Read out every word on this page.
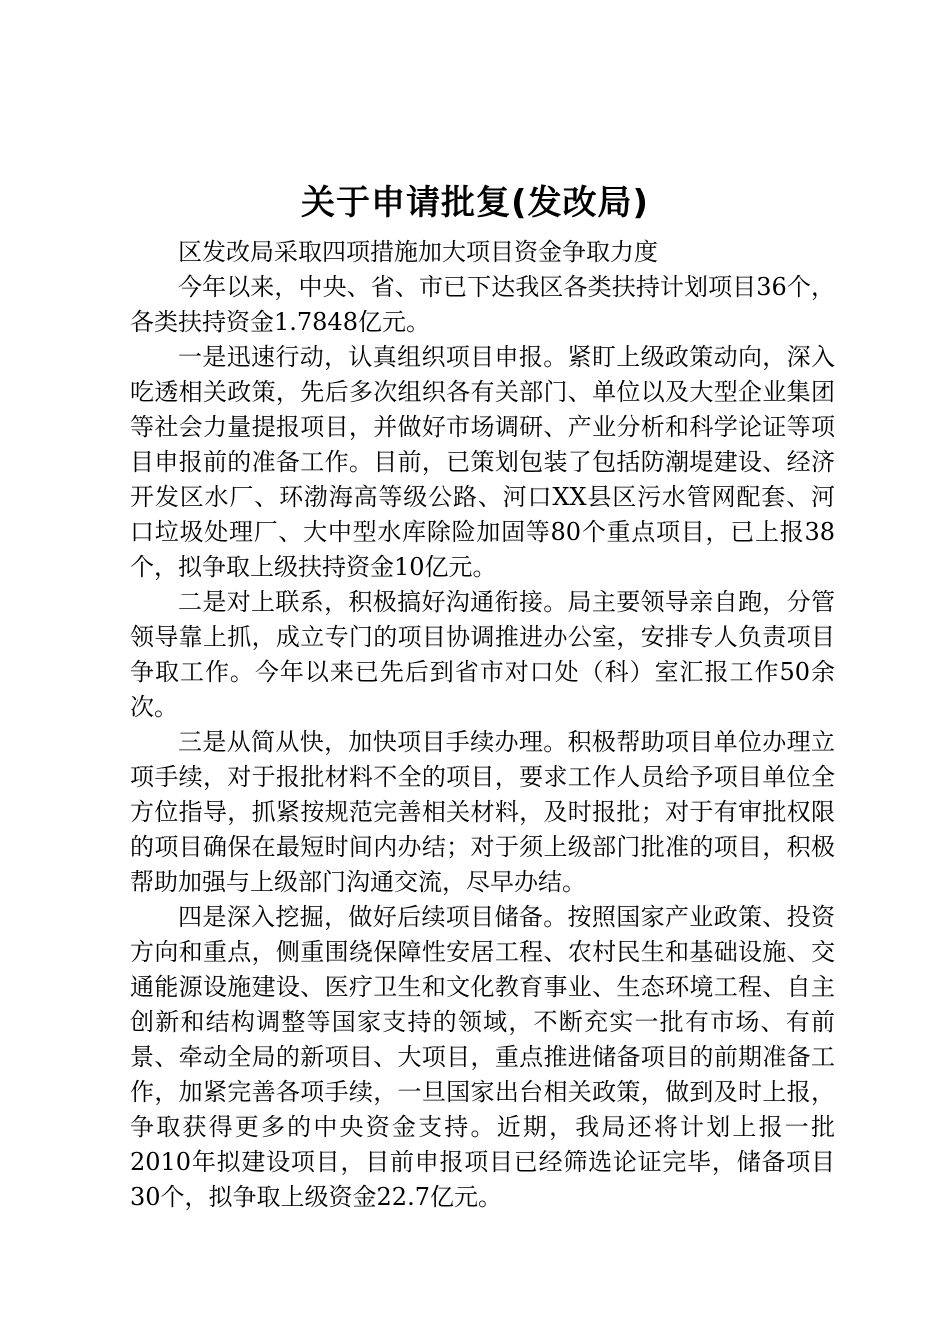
关于申请批复(发改局)

区发改局采取四项措施加大项目资金争取力度

今年以来，中央、省、市已下达我区各类扶持计划项目36个，各类扶持资金1.7848亿元。

一是迅速行动，认真组织项目申报。紧盯上级政策动向，深入吃透相关政策，先后多次组织各有关部门、单位以及大型企业集团等社会力量提报项目，并做好市场调研、产业分析和科学论证等项目申报前的准备工作。目前，已策划包装了包括防潮堤建设、经济开发区水厂、环渤海高等级公路、河口XX县区污水管网配套、河口垃圾处理厂、大中型水库除险加固等80个重点项目，已上报38个，拟争取上级扶持资金10亿元。

二是对上联系，积极搞好沟通衔接。局主要领导亲自跑，分管领导靠上抓，成立专门的项目协调推进办公室，安排专人负责项目争取工作。今年以来已先后到省市对口处（科）室汇报工作50余次。

三是从简从快，加快项目手续办理。积极帮助项目单位办理立项手续，对于报批材料不全的项目，要求工作人员给予项目单位全方位指导，抓紧按规范完善相关材料，及时报批；对于有审批权限的项目确保在最短时间内办结；对于须上级部门批准的项目，积极帮助加强与上级部门沟通交流，尽早办结。

四是深入挖掘，做好后续项目储备。按照国家产业政策、投资方向和重点，侧重围绕保障性安居工程、农村民生和基础设施、交通能源设施建设、医疗卫生和文化教育事业、生态环境工程、自主创新和结构调整等国家支持的领域，不断充实一批有市场、有前景、牵动全局的新项目、大项目，重点推进储备项目的前期准备工作，加紧完善各项手续，一旦国家出台相关政策，做到及时上报，争取获得更多的中央资金支持。近期，我局还将计划上报一批2010年拟建设项目，目前申报项目已经筛选论证完毕，储备项目30个，拟争取上级资金22.7亿元。
